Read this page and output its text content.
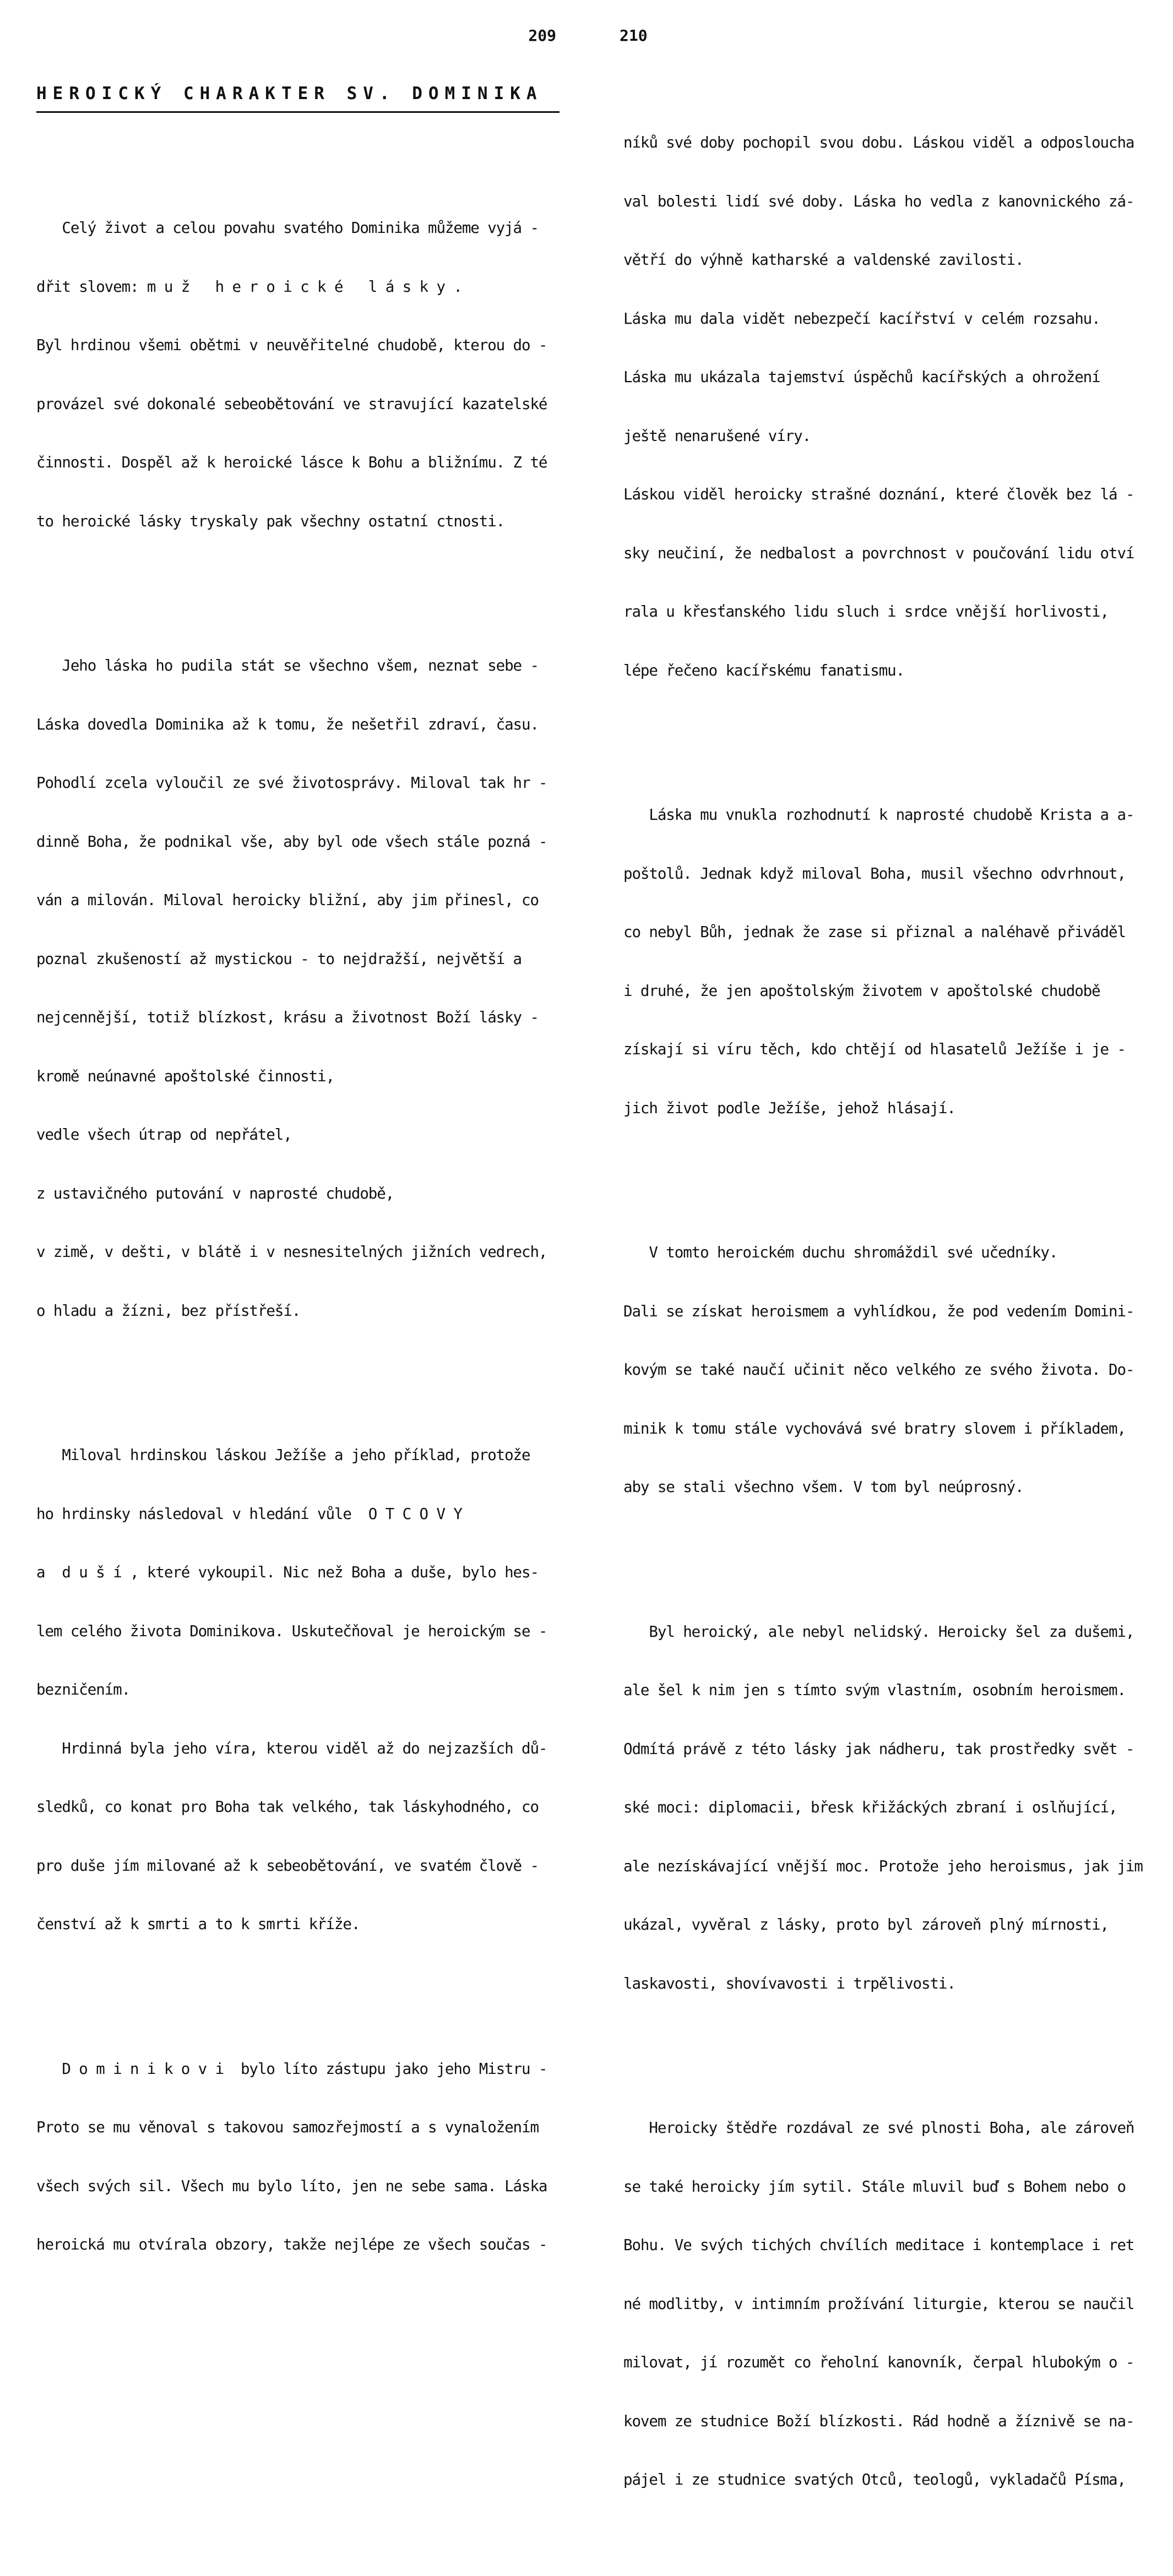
209
HEROICKÝ CHARAKTER SV. DOMINIKA

Celý život a celou povahu svatého Dominika můžeme vyjá -

dřit slovem: m u ž   h e r o i c k é   l á s k y .

Byl hrdinou všemi obětmi v neuvěřitelné chudobě, kterou do -

provázel své dokonalé sebeobětování ve stravující kazatelské

činnosti. Dospěl až k heroické lásce k Bohu a bližnímu. Z té

to heroické lásky tryskaly pak všechny ostatní ctnosti.

Jeho láska ho pudila stát se všechno všem, neznat sebe -

Láska dovedla Dominika až k tomu, že nešetřil zdraví, času.

Pohodlí zcela vyloučil ze své životosprávy. Miloval tak hr -

dinně Boha, že podnikal vše, aby byl ode všech stále pozná -

ván a milován. Miloval heroicky bližní, aby jim přinesl, co

poznal zkušeností až mystickou - to nejdražší, největší a

nejcennější, totiž blízkost, krásu a životnost Boží lásky -

kromě neúnavné apoštolské činnosti,

vedle všech útrap od nepřátel,

z ustavičného putování v naprosté chudobě,

v zimě, v dešti, v blátě i v nesnesitelných jižních vedrech,

o hladu a žízni, bez přístřeší.

Miloval hrdinskou láskou Ježíše a jeho příklad, protože

ho hrdinsky následoval v hledání vůle  O T C O V Y

a  d u š í , které vykoupil. Nic než Boha a duše, bylo hes-

lem celého života Dominikova. Uskutečňoval je heroickým se -

bezničením.

Hrdinná byla jeho víra, kterou viděl až do nejzazších dů-

sledků, co konat pro Boha tak velkého, tak láskyhodného, co

pro duše jím milované až k sebeobětování, ve svatém člově -

čenství až k smrti a to k smrti kříže.

D o m i n i k o v i  bylo líto zástupu jako jeho Mistru -

Proto se mu věnoval s takovou samozřejmostí a s vynaložením

všech svých sil. Všech mu bylo líto, jen ne sebe sama. Láska

heroická mu otvírala obzory, takže nejlépe ze všech součas -

210

níků své doby pochopil svou dobu. Láskou viděl a odposloucha

val bolesti lidí své doby. Láska ho vedla z kanovnického zá-

větří do výhně katharské a valdenské zavilosti.

Láska mu dala vidět nebezpečí kacířství v celém rozsahu.

Láska mu ukázala tajemství úspěchů kacířských a ohrožení

ještě nenarušené víry.

Láskou viděl heroicky strašné doznání, které člověk bez lá -

sky neučiní, že nedbalost a povrchnost v poučování lidu otví

rala u křesťanského lidu sluch i srdce vnější horlivosti,

lépe řečeno kacířskému fanatismu.

Láska mu vnukla rozhodnutí k naprosté chudobě Krista a a-

poštolů. Jednak když miloval Boha, musil všechno odvrhnout,

co nebyl Bůh, jednak že zase si přiznal a naléhavě přiváděl

i druhé, že jen apoštolským životem v apoštolské chudobě

získají si víru těch, kdo chtějí od hlasatelů Ježíše i je -

jich život podle Ježíše, jehož hlásají.

V tomto heroickém duchu shromáždil své učedníky.

Dali se získat heroismem a vyhlídkou, že pod vedením Domini-

kovým se také naučí učinit něco velkého ze svého života. Do-

minik k tomu stále vychovává své bratry slovem i příkladem,

aby se stali všechno všem. V tom byl neúprosný.

Byl heroický, ale nebyl nelidský. Heroicky šel za dušemi,

ale šel k nim jen s tímto svým vlastním, osobním heroismem.

Odmítá právě z této lásky jak nádheru, tak prostředky svět -

ské moci: diplomacii, břesk křižáckých zbraní i oslňující,

ale nezískávající vnější moc. Protože jeho heroismus, jak jim

ukázal, vyvěral z lásky, proto byl zároveň plný mírnosti,

laskavosti, shovívavosti i trpělivosti.

Heroicky štědře rozdával ze své plnosti Boha, ale zároveň

se také heroicky jím sytil. Stále mluvil buď s Bohem nebo o

Bohu. Ve svých tichých chvílích meditace i kontemplace i ret

né modlitby, v intimním prožívání liturgie, kterou se naučil

milovat, jí rozumět co řeholní kanovník, čerpal hlubokým o -

kovem ze studnice Boží blízkosti. Rád hodně a žíznivě se na-

pájel i ze studnice svatých Otců, teologů, vykladačů Písma,
